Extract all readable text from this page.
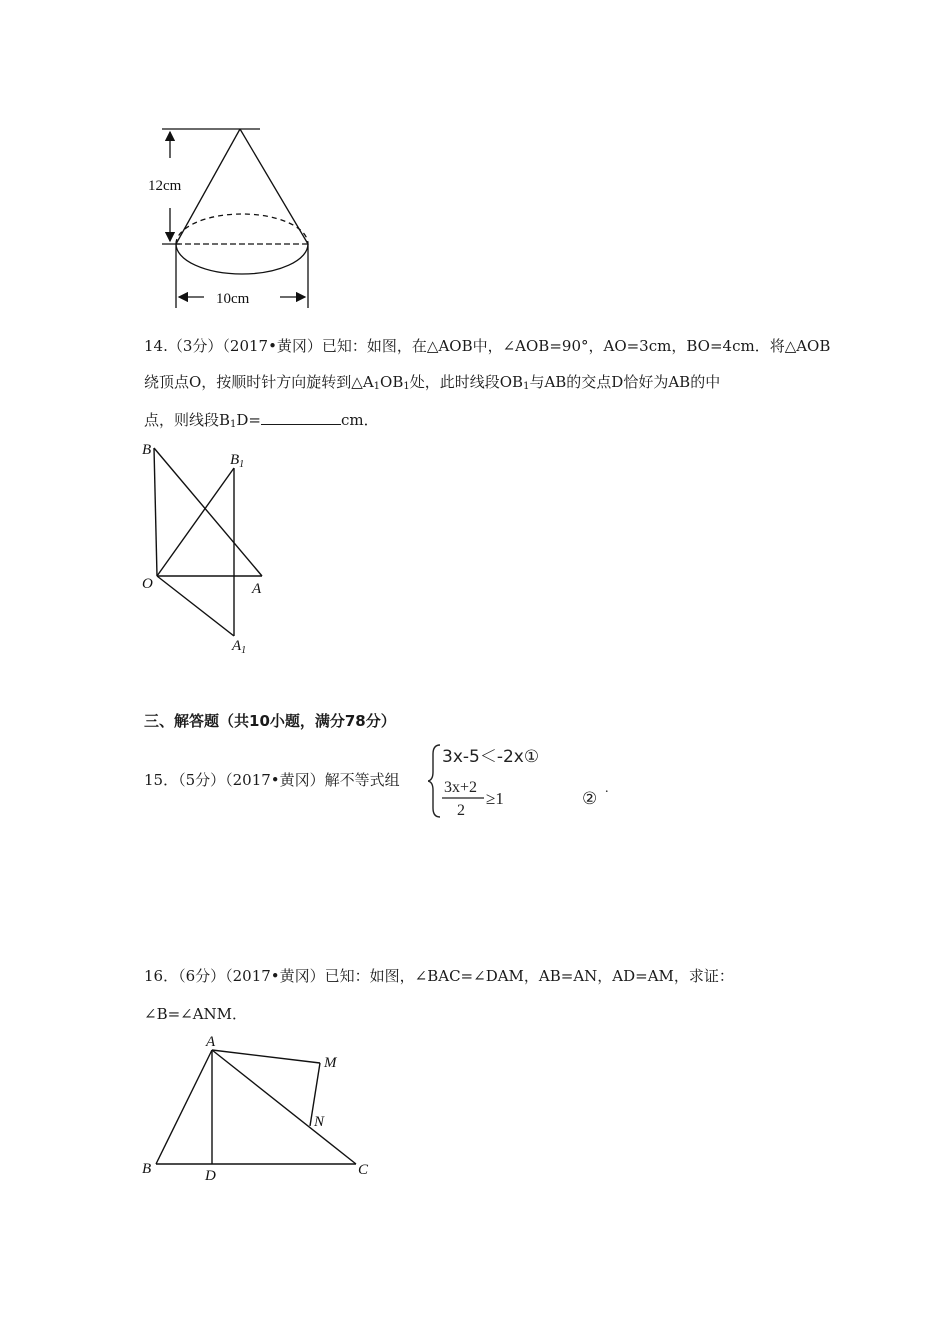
12cm
10cm
14.（3分）（2017•黄冈）已知：如图，在△AOB中，∠AOB=90°，AO=3cm，BO=4cm．将△AOB
绕顶点O，按顺时针方向旋转到$\triangle A_1OB_1$处，此时线段$OB_1$与AB的交点D恰好为AB的中
点，则线段$B_1D=$	cm．
B
$B_1$
O	A
$A_1$
三、解答题（共10小题，满分78分）
15．（5分）（2017•黄冈）解不等式组
3x-5＜-2x①
3x+2
2
≥1	②
.
16．（6分）（2017•黄冈）已知：如图，∠BAC=∠DAM，AB=AN，AD=AM，求证：
∠B=∠ANM．
A
M
N
B	D	C
